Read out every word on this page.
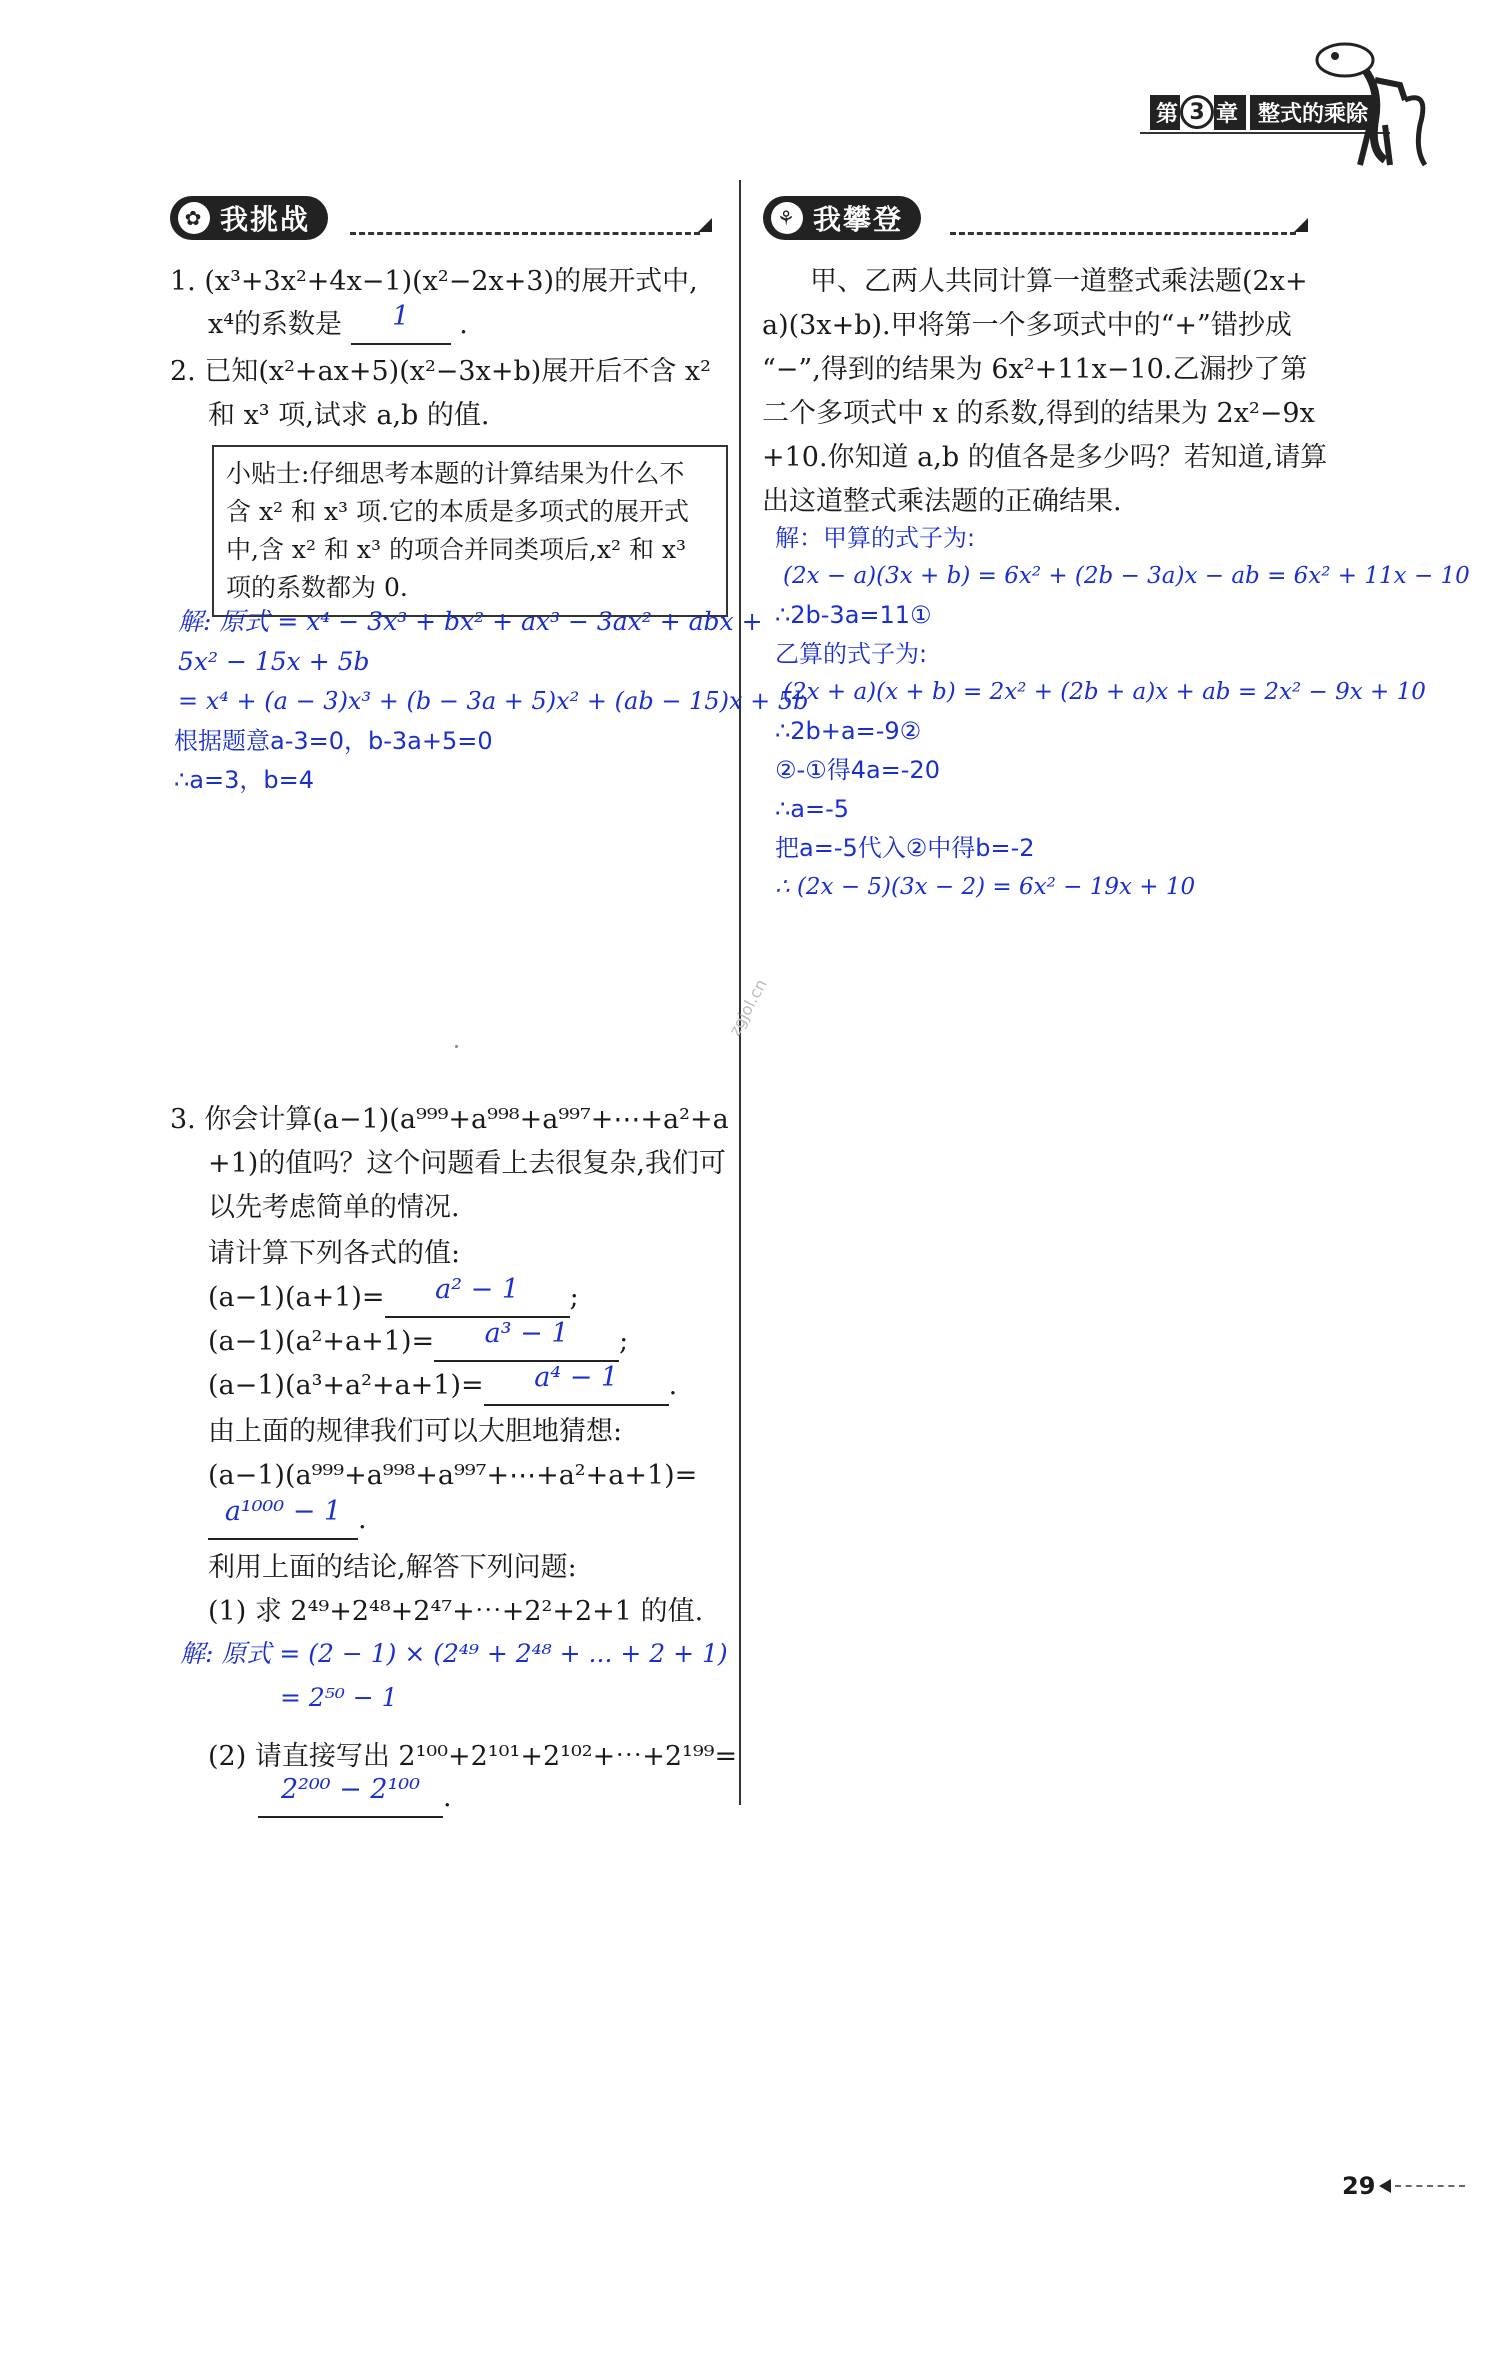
第 3 章 整式的乘除
✿ 我挑战
1. (x³+3x²+4x−1)(x²−2x+3)的展开式中,
x⁴的系数是	1	.
2. 已知(x²+ax+5)(x²−3x+b)展开后不含 x²
和 x³ 项,试求 a,b 的值.
小贴士:仔细思考本题的计算结果为什么不
含 x² 和 x³ 项.它的本质是多项式的展开式
中,含 x² 和 x³ 的项合并同类项后,x² 和 x³
项的系数都为 0.
解: 原式 = x⁴ − 3x³ + bx² + ax³ − 3ax² + abx +
5x² − 15x + 5b
= x⁴ + (a − 3)x³ + (b − 3a + 5)x² + (ab − 15)x + 5b
根据题意a-3=0，b-3a+5=0
∴a=3，b=4
3. 你会计算(a−1)(a⁹⁹⁹+a⁹⁹⁸+a⁹⁹⁷+⋯+a²+a
+1)的值吗？这个问题看上去很复杂,我们可
以先考虑简单的情况.
请计算下列各式的值:
(a−1)(a+1)=	a² − 1	;
(a−1)(a²+a+1)=	a³ − 1	;
(a−1)(a³+a²+a+1)=	a⁴ − 1	.
由上面的规律我们可以大胆地猜想:
(a−1)(a⁹⁹⁹+a⁹⁹⁸+a⁹⁹⁷+⋯+a²+a+1)=
a¹⁰⁰⁰ − 1 .
利用上面的结论,解答下列问题:
(1) 求 2⁴⁹+2⁴⁸+2⁴⁷+⋯+2²+2+1 的值.
解: 原式 = (2 − 1) × (2⁴⁹ + 2⁴⁸ + ... + 2 + 1)
= 2⁵⁰ − 1
(2) 请直接写出 2¹⁰⁰+2¹⁰¹+2¹⁰²+⋯+2¹⁹⁹=
2²⁰⁰ − 2¹⁰⁰ .
⚘ 我攀登
甲、乙两人共同计算一道整式乘法题(2x+
a)(3x+b).甲将第一个多项式中的“+”错抄成
“−”,得到的结果为 6x²+11x−10.乙漏抄了第
二个多项式中 x 的系数,得到的结果为 2x²−9x
+10.你知道 a,b 的值各是多少吗？若知道,请算
出这道整式乘法题的正确结果.
解：甲算的式子为:
(2x − a)(3x + b) = 6x² + (2b − 3a)x − ab = 6x² + 11x − 10
∴2b-3a=11①
乙算的式子为:
(2x + a)(x + b) = 2x² + (2b + a)x + ab = 2x² − 9x + 10
∴2b+a=-9②
②-①得4a=-20
∴a=-5
把a=-5代入②中得b=-2
∴ (2x − 5)(3x − 2) = 6x² − 19x + 10
zgjol.cn
29
